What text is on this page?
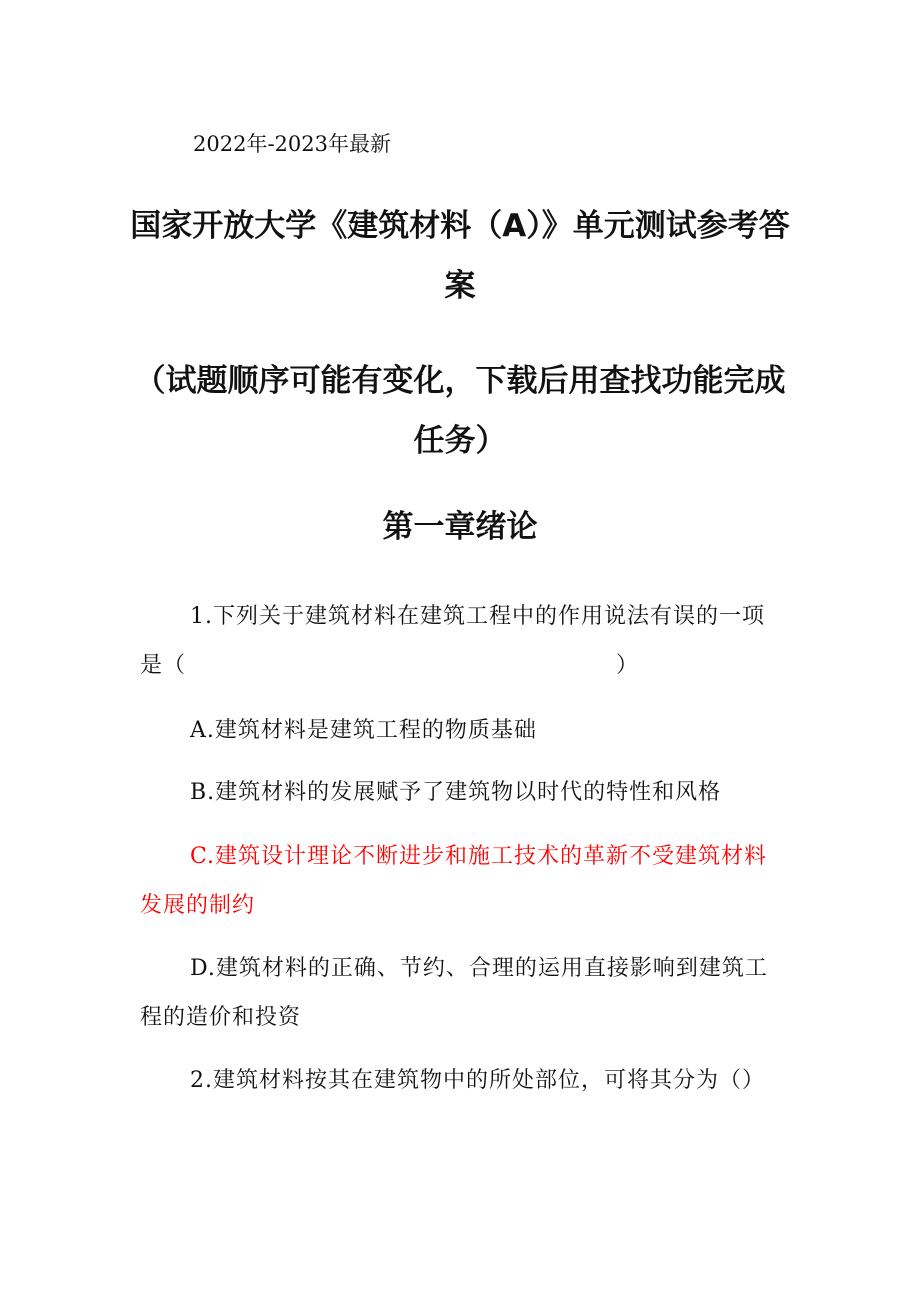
2022年-2023年最新
国家开放大学《建筑材料（A）》单元测试参考答案
（试题顺序可能有变化，下载后用查找功能完成任务）
第一章绪论
1.下列关于建筑材料在建筑工程中的作用说法有误的一项是（	）
A.建筑材料是建筑工程的物质基础
B.建筑材料的发展赋予了建筑物以时代的特性和风格
C.建筑设计理论不断进步和施工技术的革新不受建筑材料发展的制约
D.建筑材料的正确、节约、合理的运用直接影响到建筑工程的造价和投资
2.建筑材料按其在建筑物中的所处部位，可将其分为（）
